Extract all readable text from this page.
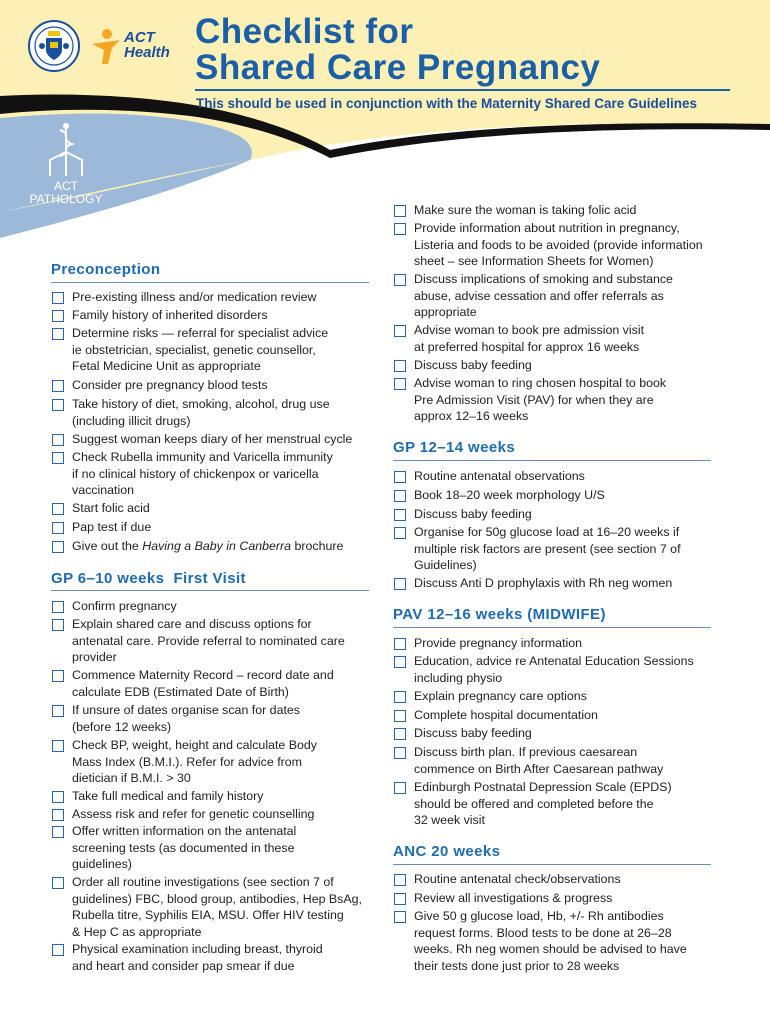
ACT Health
Checklist for
Shared Care Pregnancy
This should be used in conjunction with the Maternity Shared Care Guidelines
ACT
PATHOLOGY
Preconception
Pre-existing illness and/or medication review
Family history of inherited disorders
Determine risks — referral for specialist advice
ie obstetrician, specialist, genetic counsellor,
Fetal Medicine Unit as appropriate
Consider pre pregnancy blood tests
Take history of diet, smoking, alcohol, drug use
(including illicit drugs)
Suggest woman keeps diary of her menstrual cycle
Check Rubella immunity and Varicella immunity
if no clinical history of chickenpox or varicella
vaccination
Start folic acid
Pap test if due
Give out the Having a Baby in Canberra brochure
GP 6–10 weeks  First Visit
Confirm pregnancy
Explain shared care and discuss options for
antenatal care. Provide referral to nominated care
provider
Commence Maternity Record – record date and
calculate EDB (Estimated Date of Birth)
If unsure of dates organise scan for dates
(before 12 weeks)
Check BP, weight, height and calculate Body
Mass Index (B.M.I.). Refer for advice from
dietician if B.M.I. > 30
Take full medical and family history
Assess risk and refer for genetic counselling
Offer written information on the antenatal
screening tests (as documented in these
guidelines)
Order all routine investigations (see section 7 of
guidelines) FBC, blood group, antibodies, Hep BsAg,
Rubella titre, Syphilis EIA, MSU. Offer HIV testing
& Hep C as appropriate
Physical examination including breast, thyroid
and heart and consider pap smear if due
Make sure the woman is taking folic acid
Provide information about nutrition in pregnancy,
Listeria and foods to be avoided (provide information
sheet – see Information Sheets for Women)
Discuss implications of smoking and substance
abuse, advise cessation and offer referrals as
appropriate
Advise woman to book pre admission visit
at preferred hospital for approx 16 weeks
Discuss baby feeding
Advise woman to ring chosen hospital to book
Pre Admission Visit (PAV) for when they are
approx 12–16 weeks
GP 12–14 weeks
Routine antenatal observations
Book 18–20 week morphology U/S
Discuss baby feeding
Organise for 50g glucose load at 16–20 weeks if
multiple risk factors are present (see section 7 of
Guidelines)
Discuss Anti D prophylaxis with Rh neg women
PAV 12–16 weeks (MIDWIFE)
Provide pregnancy information
Education, advice re Antenatal Education Sessions
including physio
Explain pregnancy care options
Complete hospital documentation
Discuss baby feeding
Discuss birth plan. If previous caesarean
commence on Birth After Caesarean pathway
Edinburgh Postnatal Depression Scale (EPDS)
should be offered and completed before the
32 week visit
ANC 20 weeks
Routine antenatal check/observations
Review all investigations & progress
Give 50 g glucose load, Hb, +/- Rh antibodies
request forms. Blood tests to be done at 26–28
weeks. Rh neg women should be advised to have
their tests done just prior to 28 weeks
